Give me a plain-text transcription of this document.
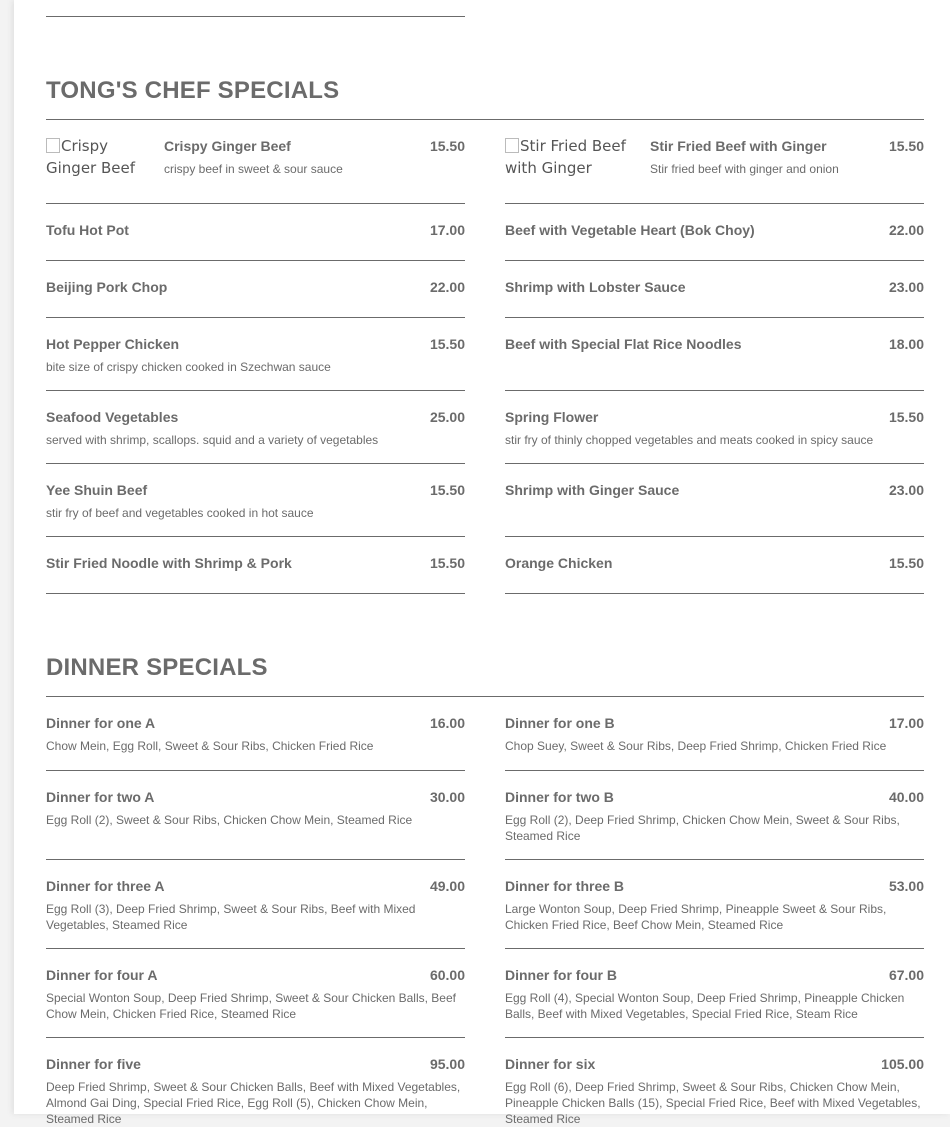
TONG'S CHEF SPECIALS
Crispy Ginger Beef
Crispy Ginger Beef	15.50
crispy beef in sweet & sour sauce
Tofu Hot Pot	17.00
Beijing Pork Chop	22.00
Hot Pepper Chicken	15.50
bite size of crispy chicken cooked in Szechwan sauce
Seafood Vegetables	25.00
served with shrimp, scallops. squid and a variety of vegetables
Yee Shuin Beef	15.50
stir fry of beef and vegetables cooked in hot sauce
Stir Fried Noodle with Shrimp & Pork	15.50
Stir Fried Beef with Ginger
Stir Fried Beef with Ginger	15.50
Stir fried beef with ginger and onion
Beef with Vegetable Heart (Bok Choy)	22.00
Shrimp with Lobster Sauce	23.00
Beef with Special Flat Rice Noodles	18.00
Spring Flower	15.50
stir fry of thinly chopped vegetables and meats cooked in spicy sauce
Shrimp with Ginger Sauce	23.00
Orange Chicken	15.50
DINNER SPECIALS
Dinner for one A	16.00
Chow Mein, Egg Roll, Sweet & Sour Ribs, Chicken Fried Rice
Dinner for two A	30.00
Egg Roll (2), Sweet & Sour Ribs, Chicken Chow Mein, Steamed Rice
Dinner for three A	49.00
Egg Roll (3), Deep Fried Shrimp, Sweet & Sour Ribs, Beef with Mixed Vegetables, Steamed Rice
Dinner for four A	60.00
Special Wonton Soup, Deep Fried Shrimp, Sweet & Sour Chicken Balls, Beef Chow Mein, Chicken Fried Rice, Steamed Rice
Dinner for five	95.00
Deep Fried Shrimp, Sweet & Sour Chicken Balls, Beef with Mixed Vegetables, Almond Gai Ding, Special Fried Rice, Egg Roll (5), Chicken Chow Mein, Steamed Rice
Dinner for one B	17.00
Chop Suey, Sweet & Sour Ribs, Deep Fried Shrimp, Chicken Fried Rice
Dinner for two B	40.00
Egg Roll (2), Deep Fried Shrimp, Chicken Chow Mein, Sweet & Sour Ribs, Steamed Rice
Dinner for three B	53.00
Large Wonton Soup, Deep Fried Shrimp, Pineapple Sweet & Sour Ribs, Chicken Fried Rice, Beef Chow Mein, Steamed Rice
Dinner for four B	67.00
Egg Roll (4), Special Wonton Soup, Deep Fried Shrimp, Pineapple Chicken Balls, Beef with Mixed Vegetables, Special Fried Rice, Steam Rice
Dinner for six	105.00
Egg Roll (6), Deep Fried Shrimp, Sweet & Sour Ribs, Chicken Chow Mein, Pineapple Chicken Balls (15), Special Fried Rice, Beef with Mixed Vegetables, Steamed Rice
